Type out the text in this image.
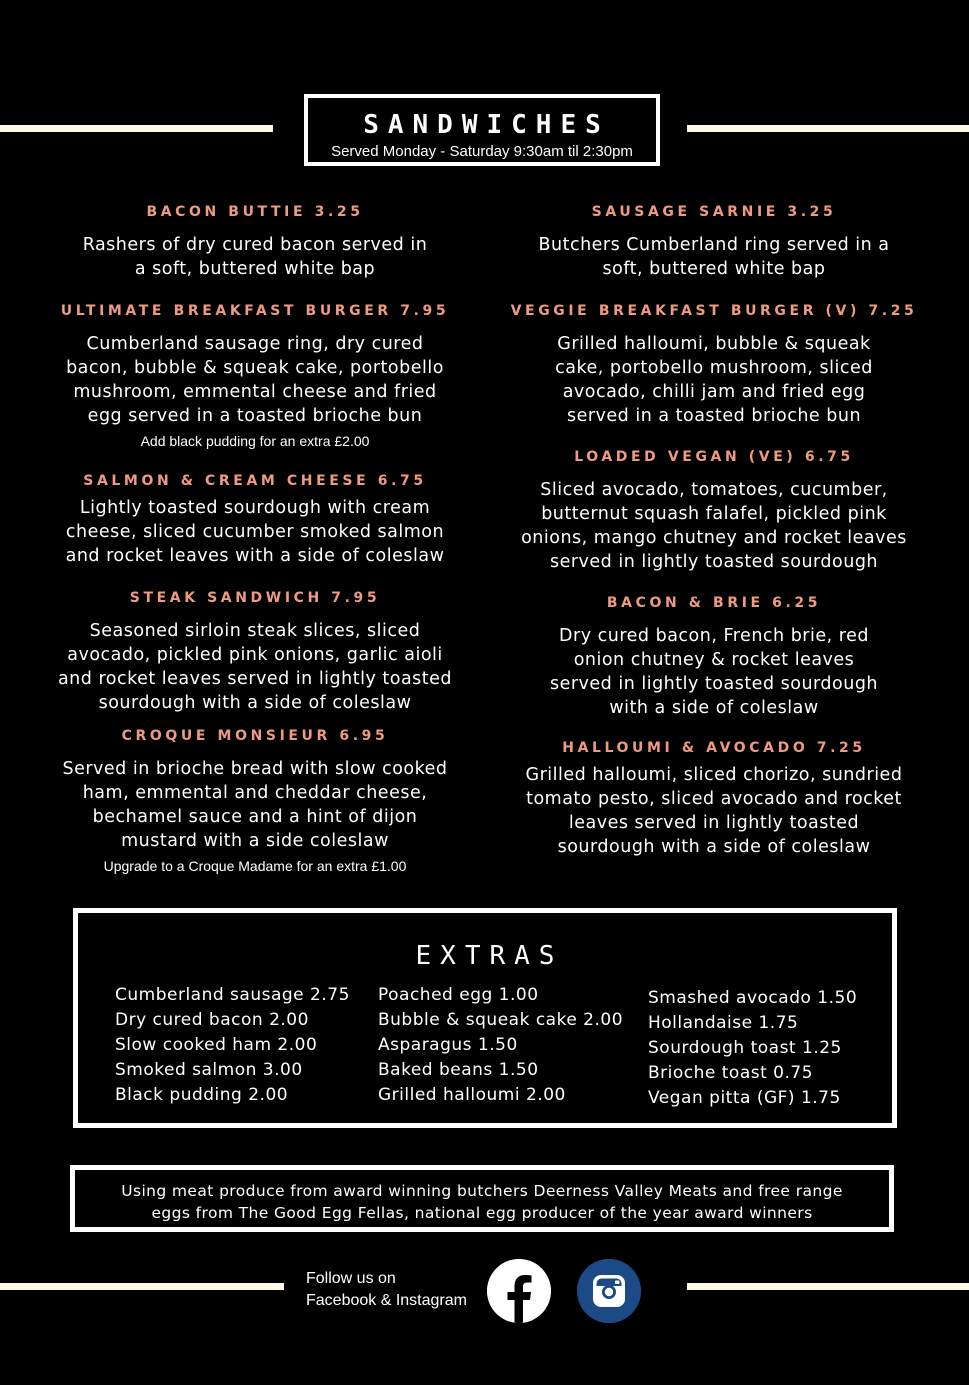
SANDWICHES
Served Monday - Saturday 9:30am til 2:30pm
BACON BUTTIE 3.25
Rashers of dry cured bacon served in
a soft, buttered white bap
ULTIMATE BREAKFAST BURGER 7.95
Cumberland sausage ring, dry cured
bacon, bubble & squeak cake, portobello
mushroom, emmental cheese and fried
egg served in a toasted brioche bun
Add black pudding for an extra £2.00
SALMON & CREAM CHEESE 6.75
Lightly toasted sourdough with cream
cheese, sliced cucumber smoked salmon
and rocket leaves with a side of coleslaw
STEAK SANDWICH 7.95
Seasoned sirloin steak slices, sliced
avocado, pickled pink onions, garlic aioli
and rocket leaves served in lightly toasted
sourdough with a side of coleslaw
CROQUE MONSIEUR 6.95
Served in brioche bread with slow cooked
ham, emmental and cheddar cheese,
bechamel sauce and a hint of dijon
mustard with a side coleslaw
Upgrade to a Croque Madame for an extra £1.00
SAUSAGE SARNIE 3.25
Butchers Cumberland ring served in a
soft, buttered white bap
VEGGIE BREAKFAST BURGER (V) 7.25
Grilled halloumi, bubble & squeak
cake, portobello mushroom, sliced
avocado, chilli jam and fried egg
served in a toasted brioche bun
LOADED VEGAN (VE) 6.75
Sliced avocado, tomatoes, cucumber,
butternut squash falafel, pickled pink
onions, mango chutney and rocket leaves
served in lightly toasted sourdough
BACON & BRIE 6.25
Dry cured bacon, French brie, red
onion chutney & rocket leaves
served in lightly toasted sourdough
with a side of coleslaw
HALLOUMI & AVOCADO 7.25
Grilled halloumi, sliced chorizo, sundried
tomato pesto, sliced avocado and rocket
leaves served in lightly toasted
sourdough with a side of coleslaw
EXTRAS
Cumberland sausage 2.75
Dry cured bacon 2.00
Slow cooked ham 2.00
Smoked salmon 3.00
Black pudding 2.00
Poached egg 1.00
Bubble & squeak cake 2.00
Asparagus 1.50
Baked beans 1.50
Grilled halloumi 2.00
Smashed avocado 1.50
Hollandaise 1.75
Sourdough toast 1.25
Brioche toast 0.75
Vegan pitta (GF) 1.75
Using meat produce from award winning butchers Deerness Valley Meats and free range
eggs from The Good Egg Fellas, national egg producer of the year award winners
Follow us on
Facebook & Instagram
